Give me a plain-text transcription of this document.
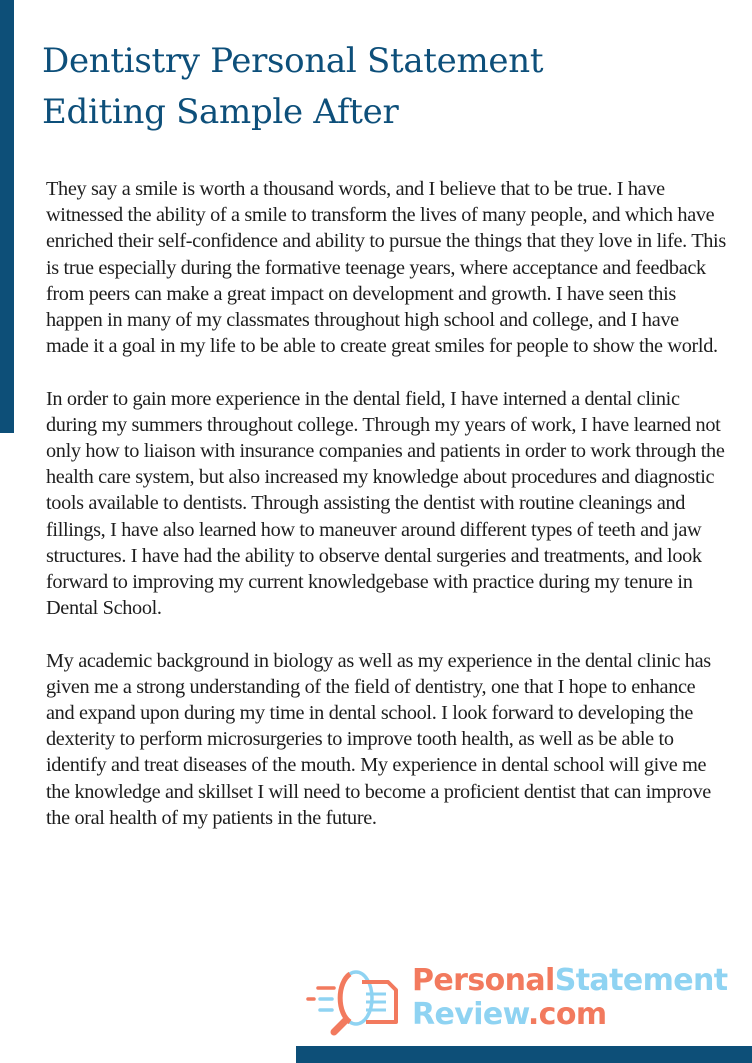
Dentistry Personal Statement
Editing Sample After

They say a smile is worth a thousand words, and I believe that to be true. I have witnessed the ability of a smile to transform the lives of many people, and which have enriched their self-confidence and ability to pursue the things that they love in life. This is true especially during the formative teenage years, where acceptance and feedback from peers can make a great impact on development and growth. I have seen this happen in many of my classmates throughout high school and college, and I have made it a goal in my life to be able to create great smiles for people to show the world.

In order to gain more experience in the dental field, I have interned a dental clinic during my summers throughout college. Through my years of work, I have learned not only how to liaison with insurance companies and patients in order to work through the health care system, but also increased my knowledge about procedures and diagnostic tools available to dentists. Through assisting the dentist with routine cleanings and fillings, I have also learned how to maneuver around different types of teeth and jaw structures. I have had the ability to observe dental surgeries and treatments, and look forward to improving my current knowledgebase with practice during my tenure in Dental School.

My academic background in biology as well as my experience in the dental clinic has given me a strong understanding of the field of dentistry, one that I hope to enhance and expand upon during my time in dental school. I look forward to developing the dexterity to perform microsurgeries to improve tooth health, as well as be able to identify and treat diseases of the mouth. My experience in dental school will give me the knowledge and skillset I will need to become a proficient dentist that can improve the oral health of my patients in the future.

PersonalStatement
Review.com
